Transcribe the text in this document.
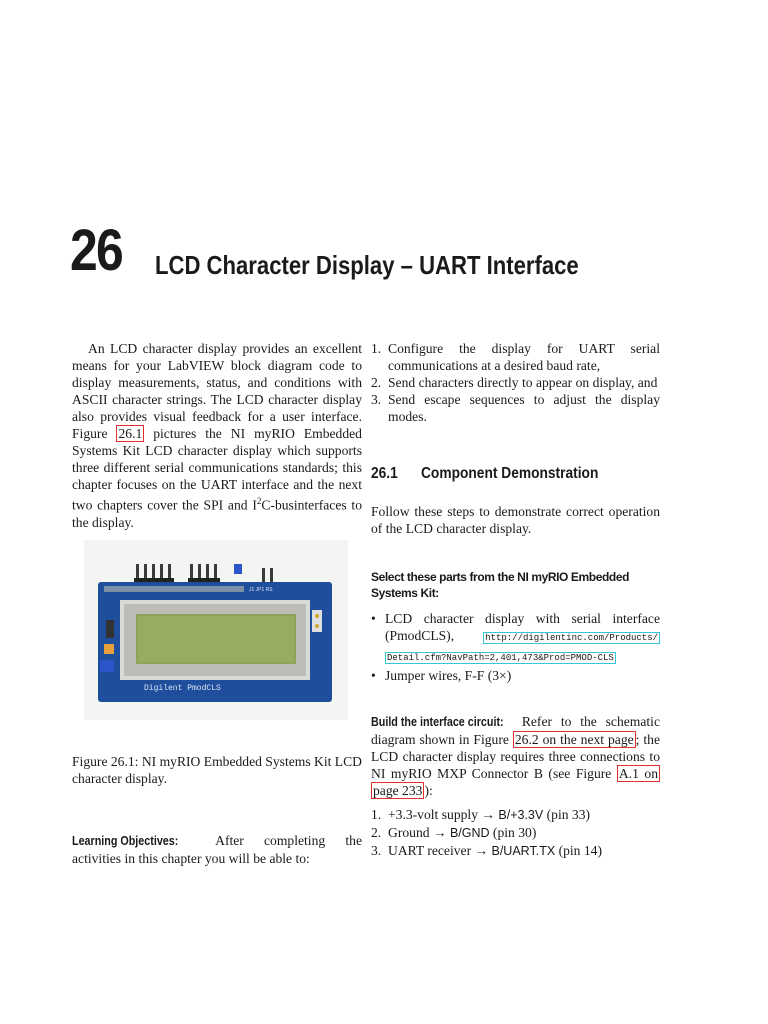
26 LCD Character Display – UART Interface
An LCD character display provides an excellent means for your LabVIEW block diagram code to display measurements, status, and conditions with ASCII character strings. The LCD character display also provides visual feedback for a user interface. Figure 26.1 pictures the NI myRIO Embedded Systems Kit LCD character display which supports three different serial communications standards; this chapter focuses on the UART interface and the next two chapters cover the SPI and $I^2C$-businterfaces to the display.
Digilent PmodCLS
J1 JP1 RS
Figure 26.1: NI myRIO Embedded Systems Kit LCD character display.
Learning Objectives:	After completing the activities in this chapter you will be able to:
1. Configure the display for UART serial communications at a desired baud rate,
2. Send characters directly to appear on display, and
3. Send escape sequences to adjust the display modes.
26.1 Component Demonstration
Follow these steps to demonstrate correct operation of the LCD character display.
Select these parts from the NI myRIO Embedded Systems Kit:
• LCD character display with serial interface (PmodCLS),	http://digilentinc.com/Products/ Detail.cfm?NavPath=2,401,473&Prod=PMOD-CLS
• Jumper wires, F-F (3×)
Build the interface circuit: Refer to the schematic diagram shown in Figure 26.2 on the next page ; the LCD character display requires three connections to NI myRIO MXP Connector B (see Figure A.1 on page 233 ):
1. +3.3-volt supply → B/+3.3V (pin 33)
2. Ground → B/GND (pin 30)
3. UART receiver → B/UART.TX (pin 14)
